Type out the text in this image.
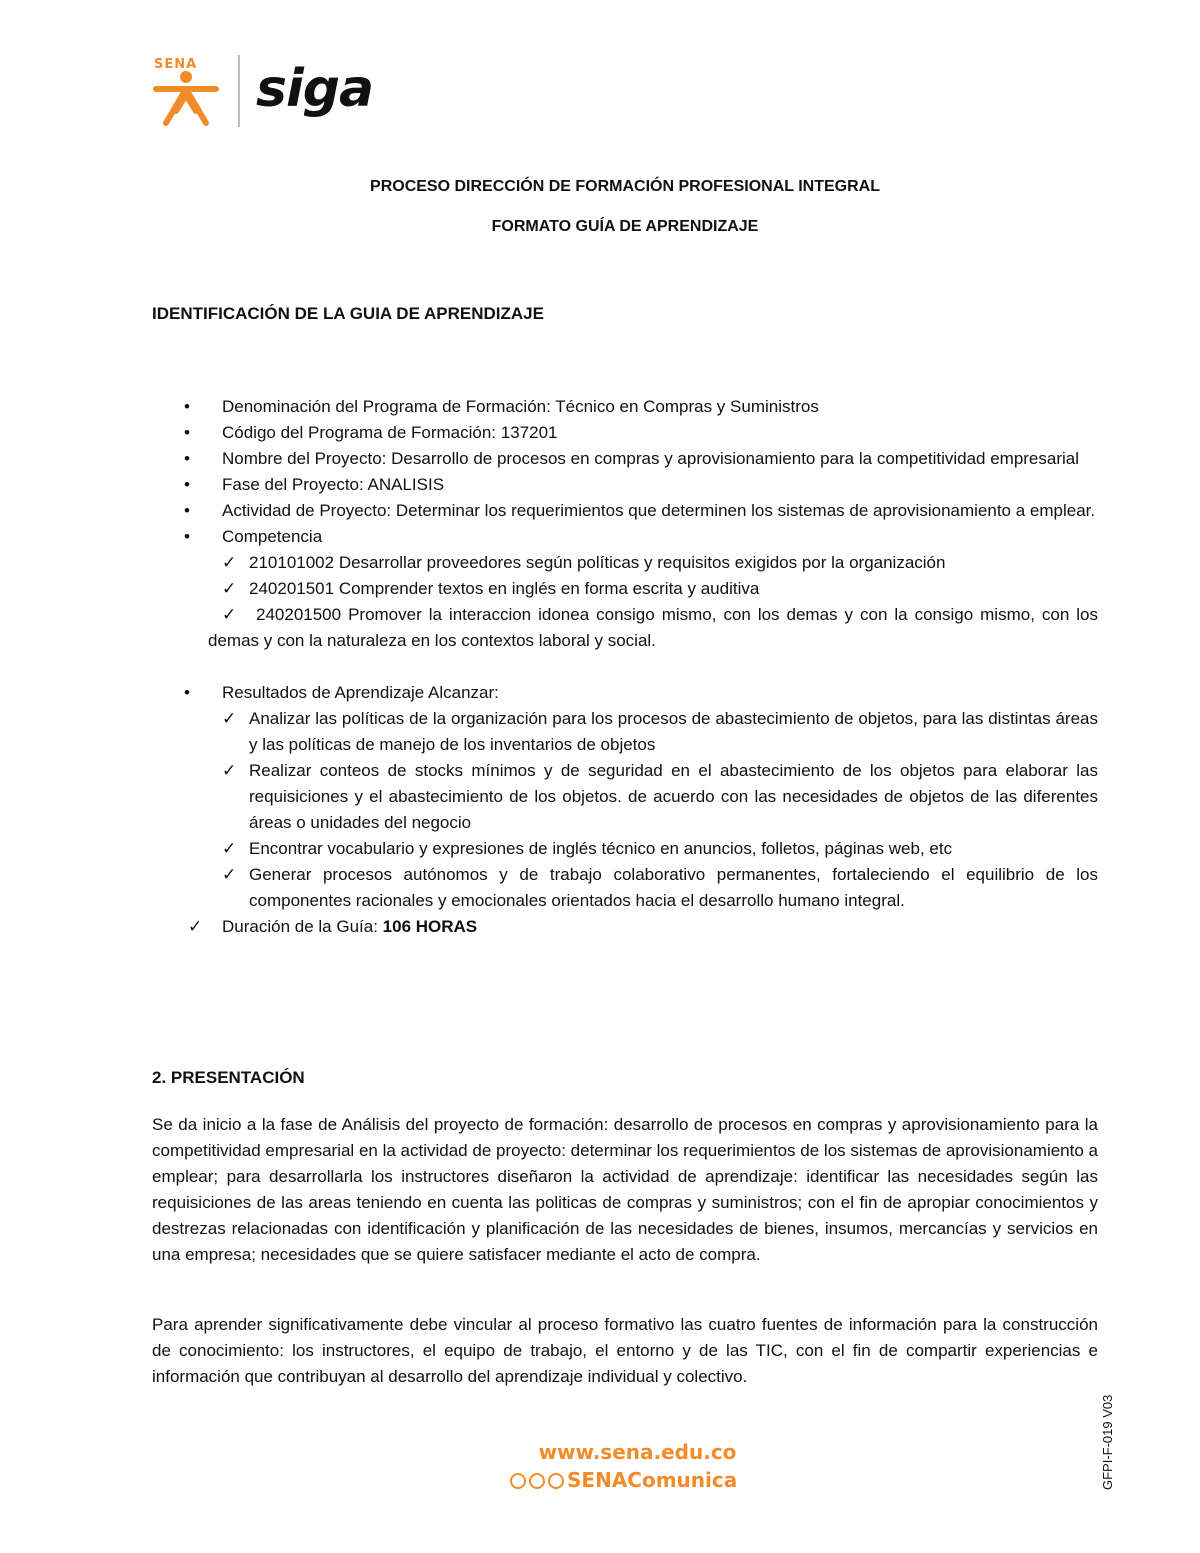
SENA siga
PROCESO DIRECCIÓN DE FORMACIÓN PROFESIONAL INTEGRAL
FORMATO GUÍA DE APRENDIZAJE
IDENTIFICACIÓN DE LA GUIA DE APRENDIZAJE
• Denominación del Programa de Formación: Técnico en Compras y Suministros
• Código del Programa de Formación: 137201
• Nombre del Proyecto: Desarrollo de procesos en compras y aprovisionamiento para la competitividad empresarial
• Fase del Proyecto: ANALISIS
• Actividad de Proyecto: Determinar los requerimientos que determinen los sistemas de aprovisionamiento a emplear.
• Competencia
✓ 210101002 Desarrollar proveedores según políticas y requisitos exigidos por la organización
✓ 240201501 Comprender textos en inglés en forma escrita y auditiva
✓ 240201500 Promover la interaccion idonea consigo mismo, con los demas y con la consigo mismo, con los demas y con la naturaleza en los contextos laboral y social.
• Resultados de Aprendizaje Alcanzar:
✓ Analizar las políticas de la organización para los procesos de abastecimiento de objetos, para las distintas áreas y las políticas de manejo de los inventarios de objetos
✓ Realizar conteos de stocks mínimos y de seguridad en el abastecimiento de los objetos para elaborar las requisiciones y el abastecimiento de los objetos. de acuerdo con las necesidades de objetos de las diferentes áreas o unidades del negocio
✓ Encontrar vocabulario y expresiones de inglés técnico en anuncios, folletos, páginas web, etc
✓ Generar procesos autónomos y de trabajo colaborativo permanentes, fortaleciendo el equilibrio de los componentes racionales y emocionales orientados hacia el desarrollo humano integral.
✓ Duración de la Guía: 106 HORAS
2. PRESENTACIÓN
Se da inicio a la fase de Análisis del proyecto de formación: desarrollo de procesos en compras y aprovisionamiento para la competitividad empresarial en la actividad de proyecto: determinar los requerimientos de los sistemas de aprovisionamiento a emplear; para desarrollarla los instructores diseñaron la actividad de aprendizaje: identificar las necesidades según las requisiciones de las areas teniendo en cuenta las politicas de compras y suministros; con el fin de apropiar conocimientos y destrezas relacionadas con identificación y planificación de las necesidades de bienes, insumos, mercancías y servicios en una empresa; necesidades que se quiere satisfacer mediante el acto de compra.
Para aprender significativamente debe vincular al proceso formativo las cuatro fuentes de información para la construcción de conocimiento: los instructores, el equipo de trabajo, el entorno y de las TIC, con el fin de compartir experiencias e información que contribuyan al desarrollo del aprendizaje individual y colectivo.
www.sena.edu.co
SENAComunica	GFPI-F-019 V03
